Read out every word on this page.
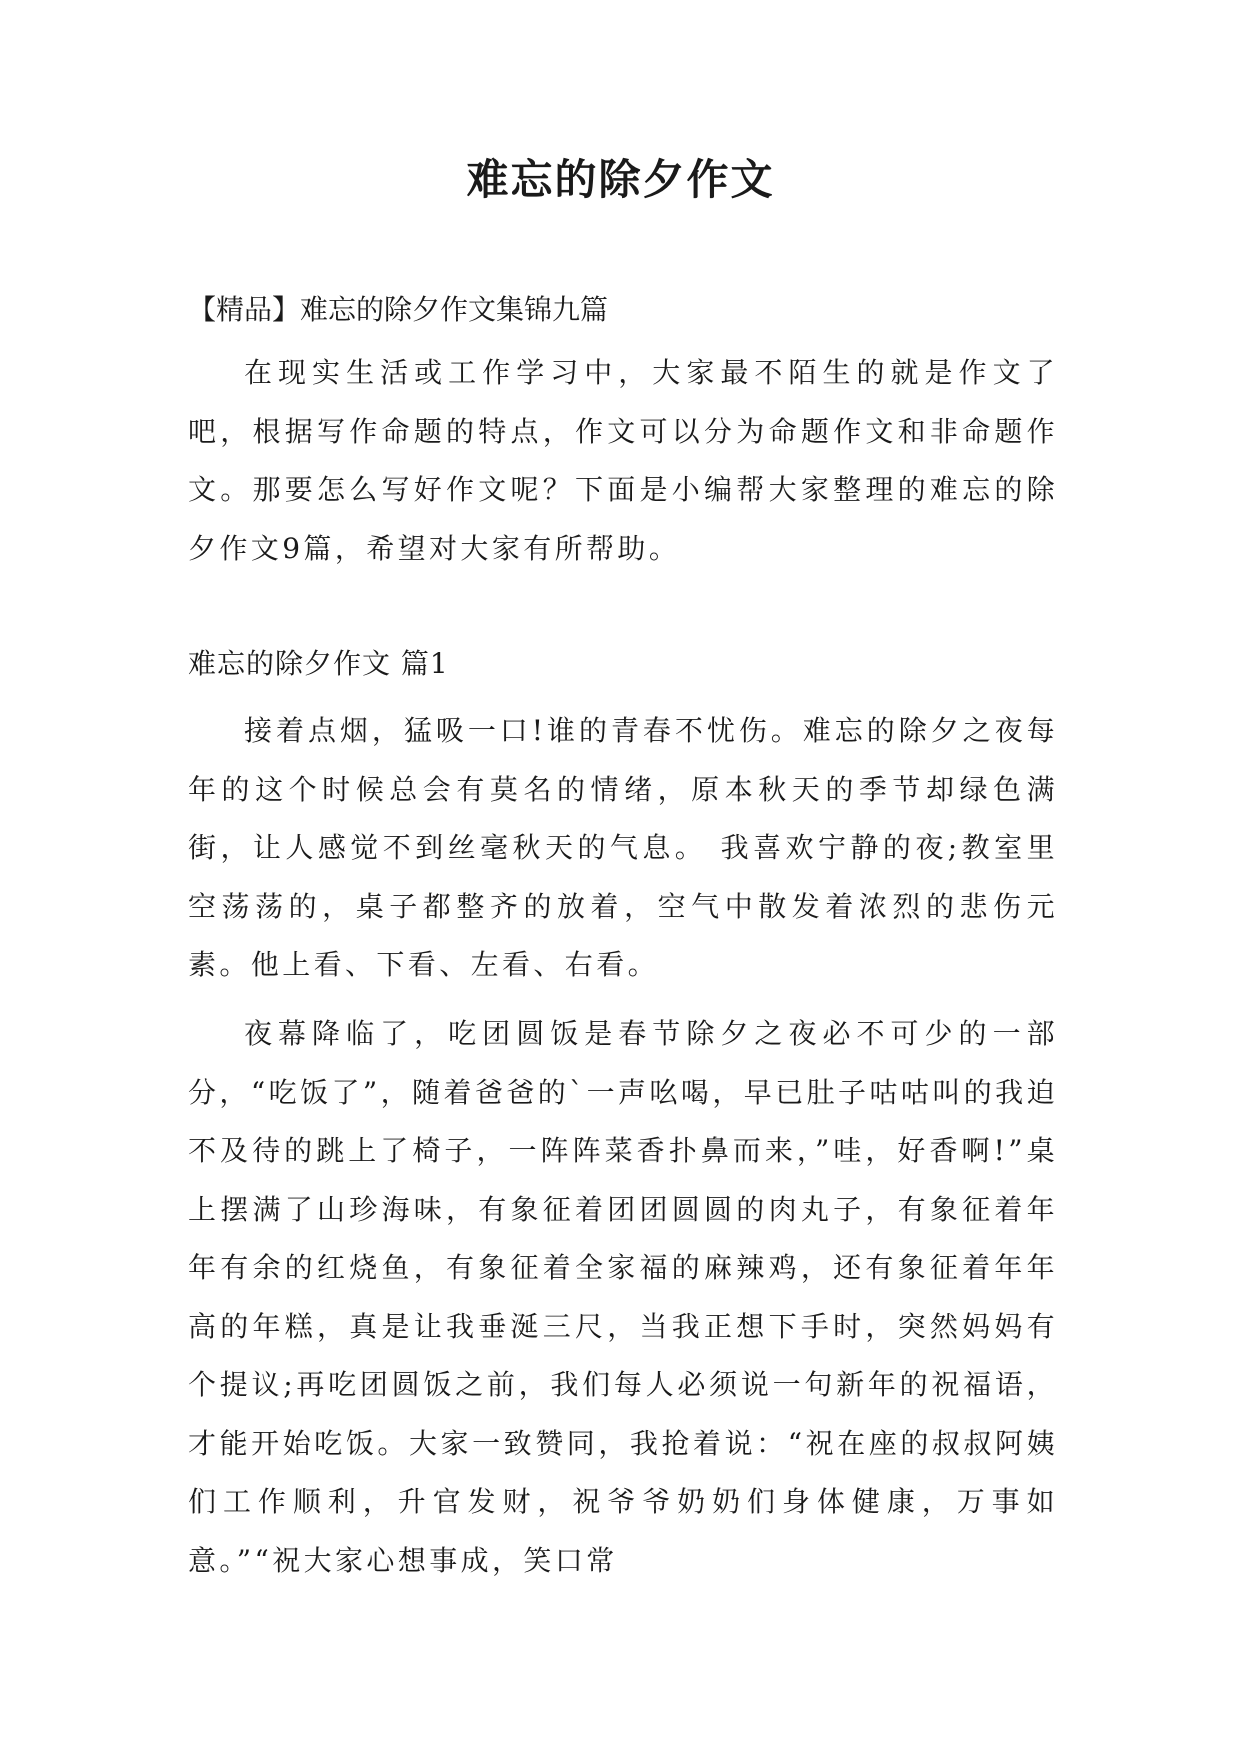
难忘的除夕作文

【精品】难忘的除夕作文集锦九篇

在现实生活或工作学习中，大家最不陌生的就是作文了吧，根据写作命题的特点，作文可以分为命题作文和非命题作文。那要怎么写好作文呢？下面是小编帮大家整理的难忘的除夕作文9篇，希望对大家有所帮助。

难忘的除夕作文 篇1

接着点烟，猛吸一口!谁的青春不忧伤。难忘的除夕之夜每年的这个时候总会有莫名的情绪，原本秋天的季节却绿色满街，让人感觉不到丝毫秋天的气息。 我喜欢宁静的夜;教室里空荡荡的，桌子都整齐的放着，空气中散发着浓烈的悲伤元素。他上看、下看、左看、右看。

夜幕降临了，吃团圆饭是春节除夕之夜必不可少的一部分，“吃饭了”，随着爸爸的`一声吆喝，早已肚子咕咕叫的我迫不及待的跳上了椅子，一阵阵菜香扑鼻而来，”哇，好香啊!”桌上摆满了山珍海味，有象征着团团圆圆的肉丸子，有象征着年年有余的红烧鱼，有象征着全家福的麻辣鸡，还有象征着年年高的年糕，真是让我垂涎三尺，当我正想下手时，突然妈妈有个提议;再吃团圆饭之前，我们每人必须说一句新年的祝福语，才能开始吃饭。大家一致赞同，我抢着说：“祝在座的叔叔阿姨们工作顺利，升官发财，祝爷爷奶奶们身体健康，万事如意。”“祝大家心想事成，笑口常
